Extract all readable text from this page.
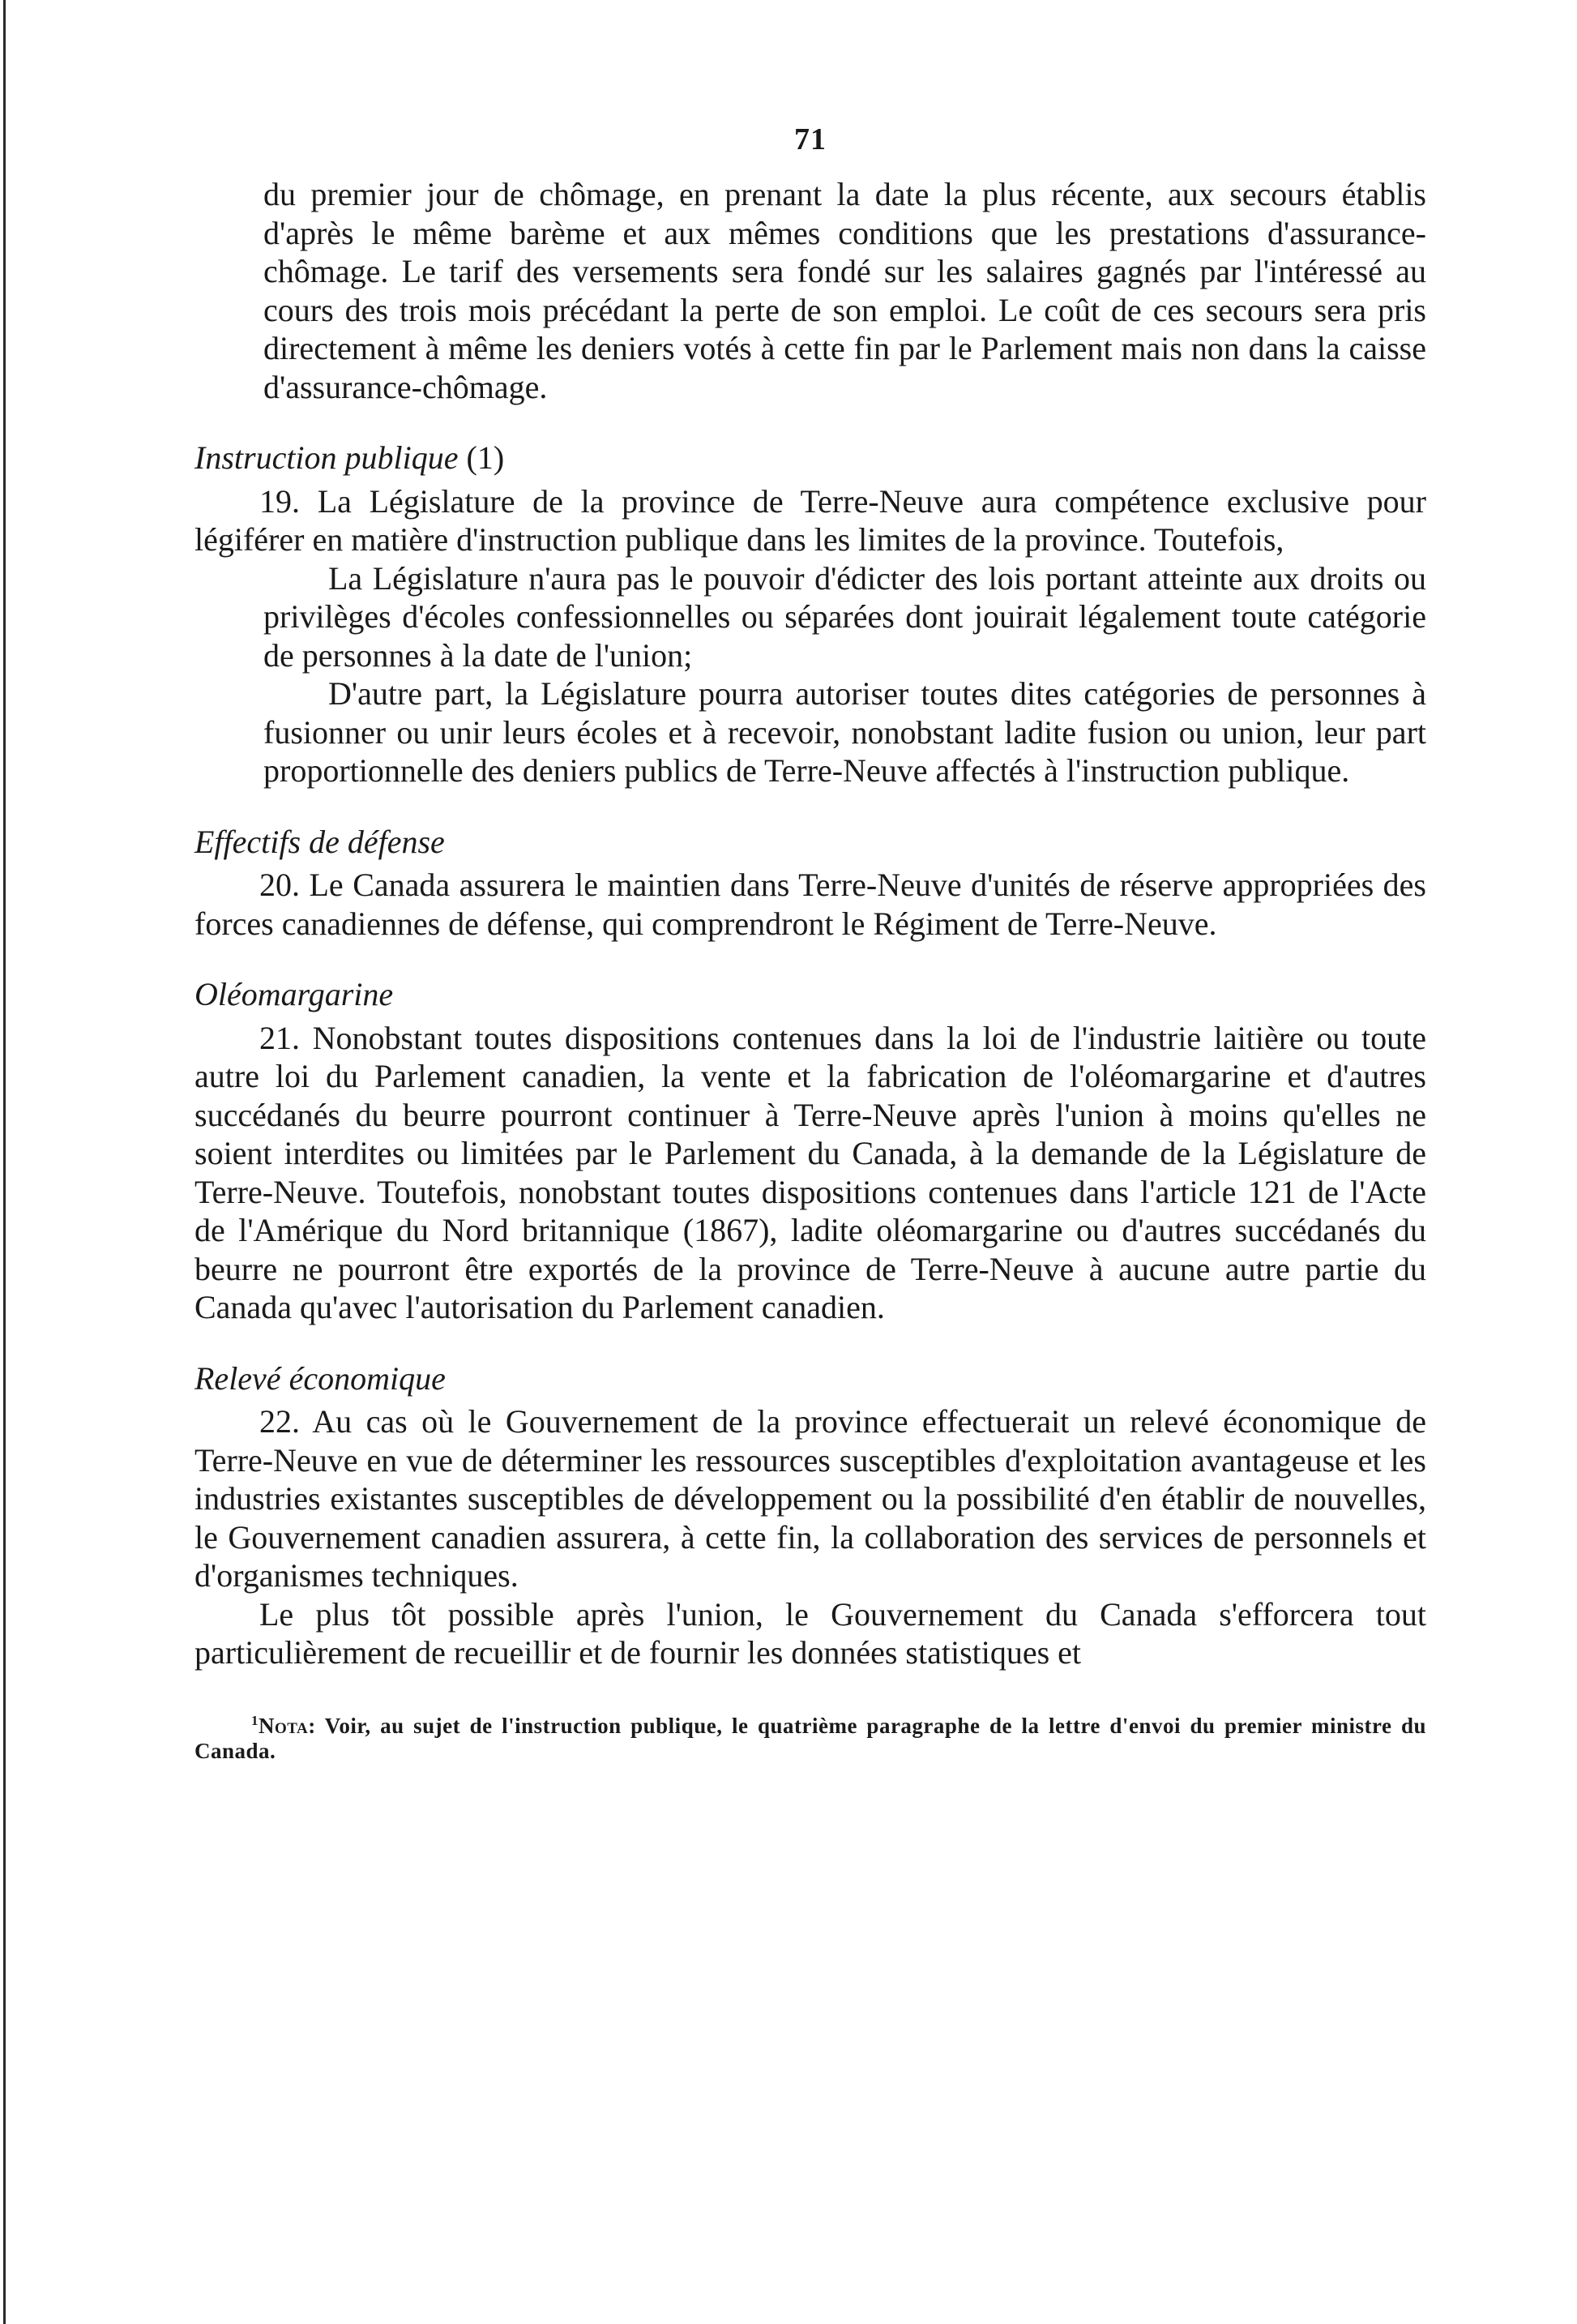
71

du premier jour de chômage, en prenant la date la plus récente, aux secours établis d'après le même barème et aux mêmes conditions que les prestations d'assurance-chômage. Le tarif des versements sera fondé sur les salaires gagnés par l'intéressé au cours des trois mois précédant la perte de son emploi. Le coût de ces secours sera pris directement à même les deniers votés à cette fin par le Parlement mais non dans la caisse d'assurance-chômage.

Instruction publique (1)

19. La Législature de la province de Terre-Neuve aura compétence exclusive pour légiférer en matière d'instruction publique dans les limites de la province. Toutefois,

La Législature n'aura pas le pouvoir d'édicter des lois portant atteinte aux droits ou privilèges d'écoles confessionnelles ou séparées dont jouirait légalement toute catégorie de personnes à la date de l'union;

D'autre part, la Législature pourra autoriser toutes dites catégories de personnes à fusionner ou unir leurs écoles et à recevoir, nonobstant ladite fusion ou union, leur part proportionnelle des deniers publics de Terre-Neuve affectés à l'instruction publique.

Effectifs de défense

20. Le Canada assurera le maintien dans Terre-Neuve d'unités de réserve appropriées des forces canadiennes de défense, qui comprendront le Régiment de Terre-Neuve.

Oléomargarine

21. Nonobstant toutes dispositions contenues dans la loi de l'industrie laitière ou toute autre loi du Parlement canadien, la vente et la fabrication de l'oléomargarine et d'autres succédanés du beurre pourront continuer à Terre-Neuve après l'union à moins qu'elles ne soient interdites ou limitées par le Parlement du Canada, à la demande de la Législature de Terre-Neuve. Toutefois, nonobstant toutes dispositions contenues dans l'article 121 de l'Acte de l'Amérique du Nord britannique (1867), ladite oléomargarine ou d'autres succédanés du beurre ne pourront être exportés de la province de Terre-Neuve à aucune autre partie du Canada qu'avec l'autorisation du Parlement canadien.

Relevé économique

22. Au cas où le Gouvernement de la province effectuerait un relevé économique de Terre-Neuve en vue de déterminer les ressources susceptibles d'exploitation avantageuse et les industries existantes susceptibles de développement ou la possibilité d'en établir de nouvelles, le Gouvernement canadien assurera, à cette fin, la collaboration des services de personnels et d'organismes techniques.

Le plus tôt possible après l'union, le Gouvernement du Canada s'efforcera tout particulièrement de recueillir et de fournir les données statistiques et

$^1$Nota: Voir, au sujet de l'instruction publique, le quatrième paragraphe de la lettre d'envoi du premier ministre du Canada.
